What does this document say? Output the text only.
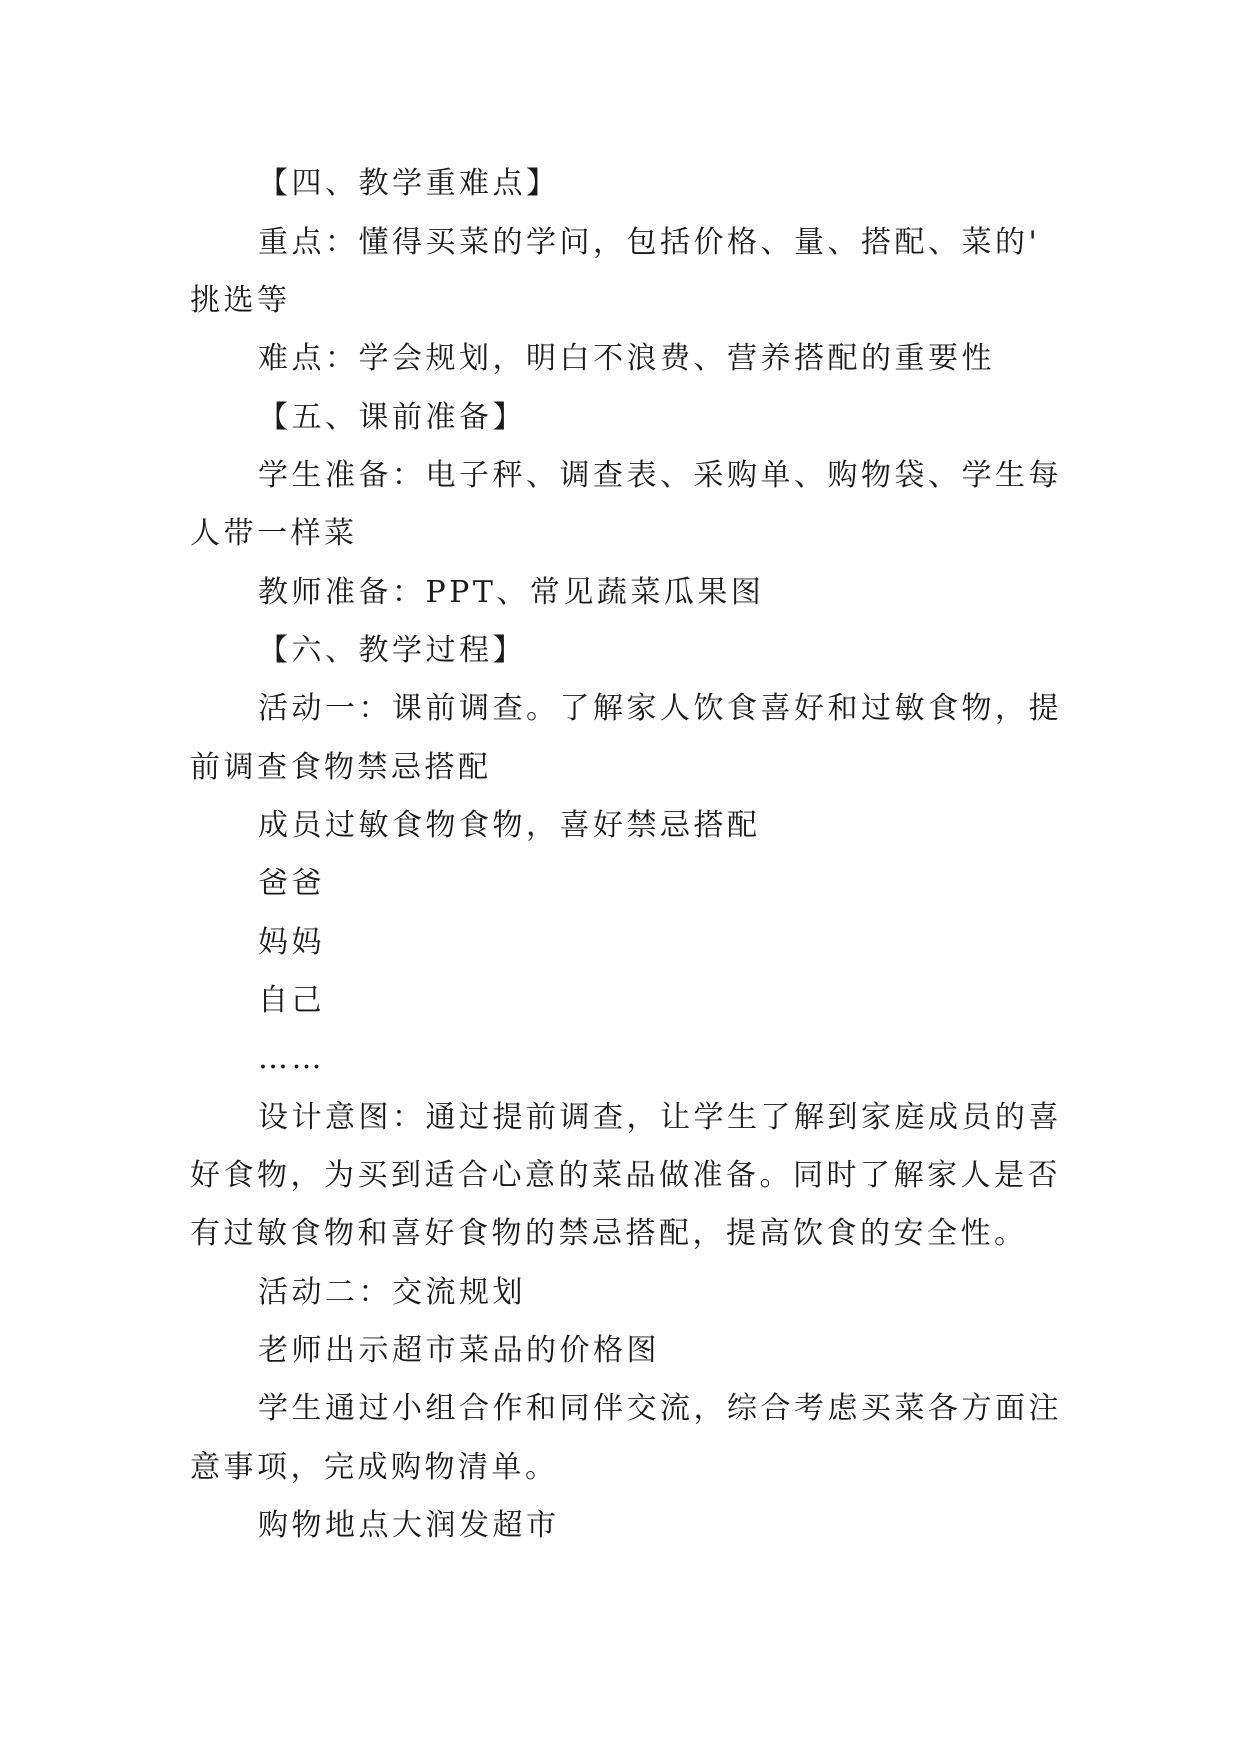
【四、教学重难点】
重点：懂得买菜的学问，包括价格、量、搭配、菜的'
挑选等
难点：学会规划，明白不浪费、营养搭配的重要性
【五、课前准备】
学生准备：电子秤、调查表、采购单、购物袋、学生每
人带一样菜
教师准备：PPT、常见蔬菜瓜果图
【六、教学过程】
活动一：课前调查。了解家人饮食喜好和过敏食物，提
前调查食物禁忌搭配
成员过敏食物食物，喜好禁忌搭配
爸爸
妈妈
自己
……
设计意图：通过提前调查，让学生了解到家庭成员的喜
好食物，为买到适合心意的菜品做准备。同时了解家人是否
有过敏食物和喜好食物的禁忌搭配，提高饮食的安全性。
活动二：交流规划
老师出示超市菜品的价格图
学生通过小组合作和同伴交流，综合考虑买菜各方面注
意事项，完成购物清单。
购物地点大润发超市
